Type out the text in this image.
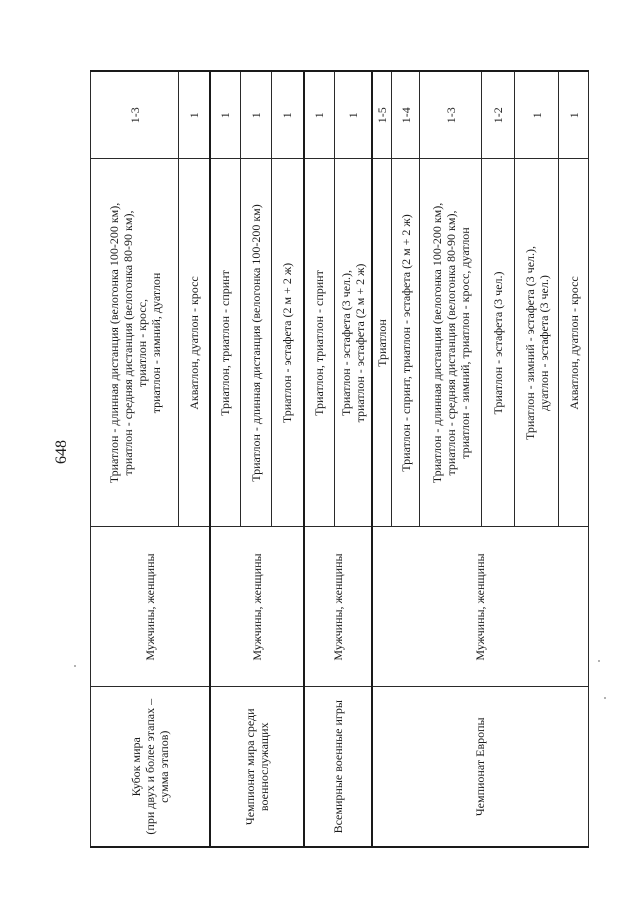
648
Кубок мира
(при двух и более этапах –
сумма этапов)	Мужчины, женщины	Триатлон - длинная дистанция (велогонка 100-200 км),
триатлон - средняя дистанция (велогонка 80-90 км),
триатлон - кросс,
триатлон - зимний, дуатлон	1-3
		Акватлон, дуатлон - кросс	1
Чемпионат мира среди
военнослужащих	Мужчины, женщины	Триатлон, триатлон - спринт	1
		Триатлон - длинная дистанция (велогонка 100-200 км)	1
		Триатлон - эстафета (2 м + 2 ж)	1
Всемирные военные игры	Мужчины, женщины	Триатлон, триатлон - спринт	1
		Триатлон - эстафета (3 чел.),
триатлон - эстафета (2 м + 2 ж)	1
Чемпионат Европы	Мужчины, женщины	Триатлон	1-5
		Триатлон - спринт, триатлон - эстафета (2 м + 2 ж)	1-4
		Триатлон - длинная дистанция (велогонка 100-200 км),
триатлон - средняя дистанция (велогонка 80-90 км),
триатлон - зимний, триатлон - кросс, дуатлон	1-3
		Триатлон - эстафета (3 чел.)	1-2
		Триатлон - зимний - эстафета (3 чел.),
дуатлон - эстафета (3 чел.)	1
		Акватлон, дуатлон - кросс	1
